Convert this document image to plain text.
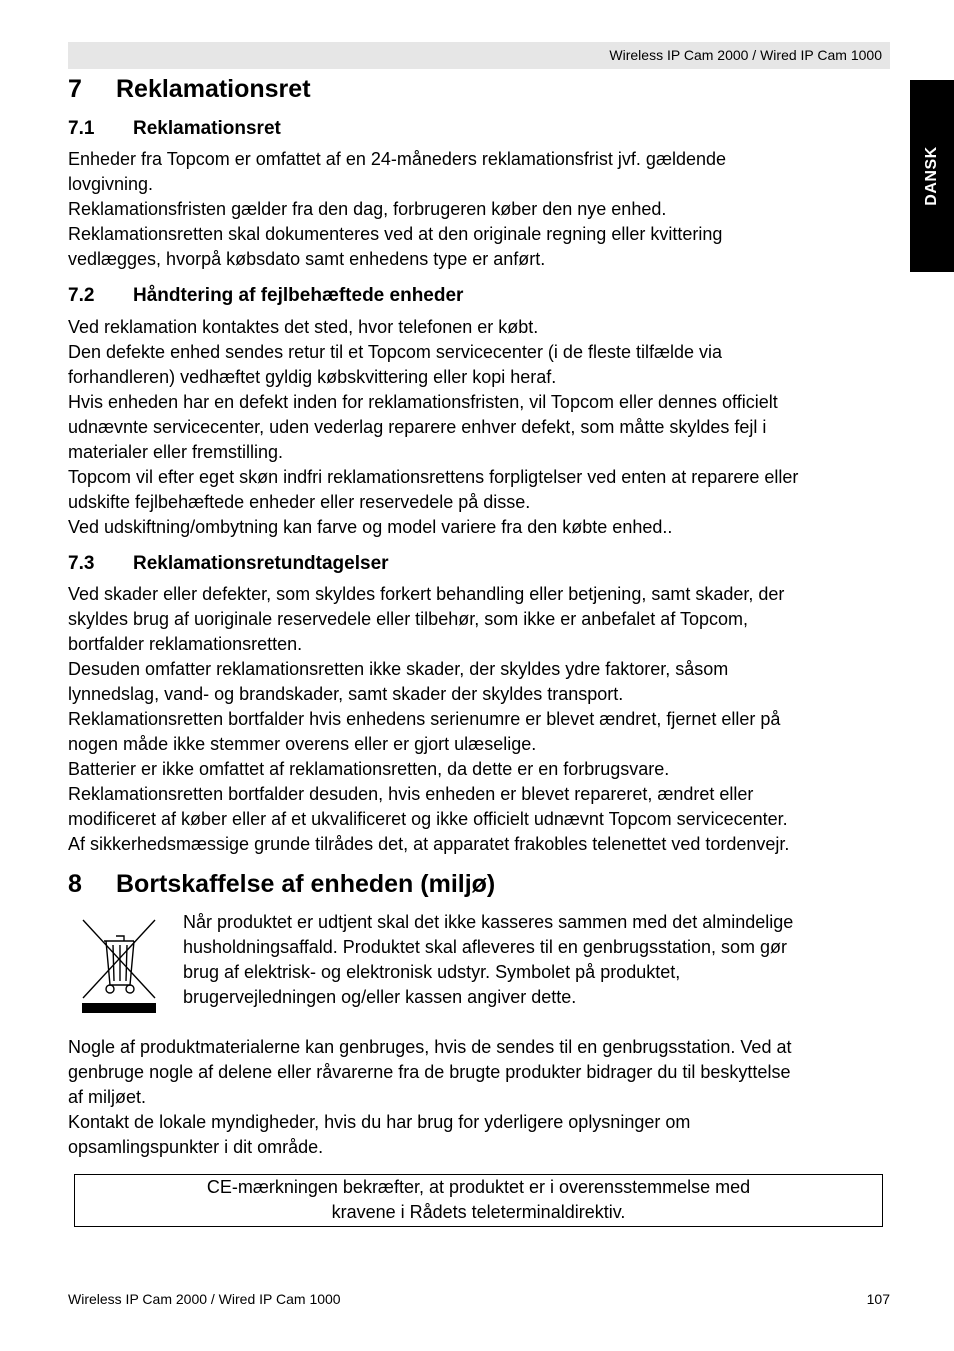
Wireless IP Cam 2000 / Wired IP Cam 1000
DANSK
7 Reklamationsret
7.1 Reklamationsret

Enheder fra Topcom er omfattet af en 24-måneders reklamationsfrist jvf. gældende

lovgivning.

Reklamationsfristen gælder fra den dag, forbrugeren køber den nye enhed.

Reklamationsretten skal dokumenteres ved at den originale regning eller kvittering

vedlægges, hvorpå købsdato samt enhedens type er anført.

7.2 Håndtering af fejlbehæftede enheder

Ved reklamation kontaktes det sted, hvor telefonen er købt.

Den defekte enhed sendes retur til et Topcom servicecenter (i de fleste tilfælde via

forhandleren) vedhæftet gyldig købskvittering eller kopi heraf.

Hvis enheden har en defekt inden for reklamationsfristen, vil Topcom eller dennes officielt

udnævnte servicecenter, uden vederlag reparere enhver defekt, som måtte skyldes fejl i

materialer eller fremstilling.

Topcom vil efter eget skøn indfri reklamationsrettens forpligtelser ved enten at reparere eller

udskifte fejlbehæftede enheder eller reservedele på disse.

Ved udskiftning/ombytning kan farve og model variere fra den købte enhed..

7.3 Reklamationsretundtagelser

Ved skader eller defekter, som skyldes forkert behandling eller betjening, samt skader, der

skyldes brug af uoriginale reservedele eller tilbehør, som ikke er anbefalet af Topcom,

bortfalder reklamationsretten.

Desuden omfatter reklamationsretten ikke skader, der skyldes ydre faktorer, såsom

lynnedslag, vand- og brandskader, samt skader der skyldes transport.

Reklamationsretten bortfalder hvis enhedens serienumre er blevet ændret, fjernet eller på

nogen måde ikke stemmer overens eller er gjort ulæselige.

Batterier er ikke omfattet af reklamationsretten, da dette er en forbrugsvare.

Reklamationsretten bortfalder desuden, hvis enheden er blevet repareret, ændret eller

modificeret af køber eller af et ukvalificeret og ikke officielt udnævnt Topcom servicecenter.

Af sikkerhedsmæssige grunde tilrådes det, at apparatet frakobles telenettet ved tordenvejr.

8 Bortskaffelse af enheden (miljø)

Når produktet er udtjent skal det ikke kasseres sammen med det almindelige

husholdningsaffald. Produktet skal afleveres til en genbrugsstation, som gør

brug af elektrisk- og elektronisk udstyr. Symbolet på produktet,

brugervejledningen og/eller kassen angiver dette.

Nogle af produktmaterialerne kan genbruges, hvis de sendes til en genbrugsstation. Ved at

genbruge nogle af delene eller råvarerne fra de brugte produkter bidrager du til beskyttelse

af miljøet.

Kontakt de lokale myndigheder, hvis du har brug for yderligere oplysninger om

opsamlingspunkter i dit område.

CE-mærkningen bekræfter, at produktet er i overensstemmelse med

kravene i Rådets teleterminaldirektiv.

Wireless IP Cam 2000 / Wired IP Cam 1000	107
